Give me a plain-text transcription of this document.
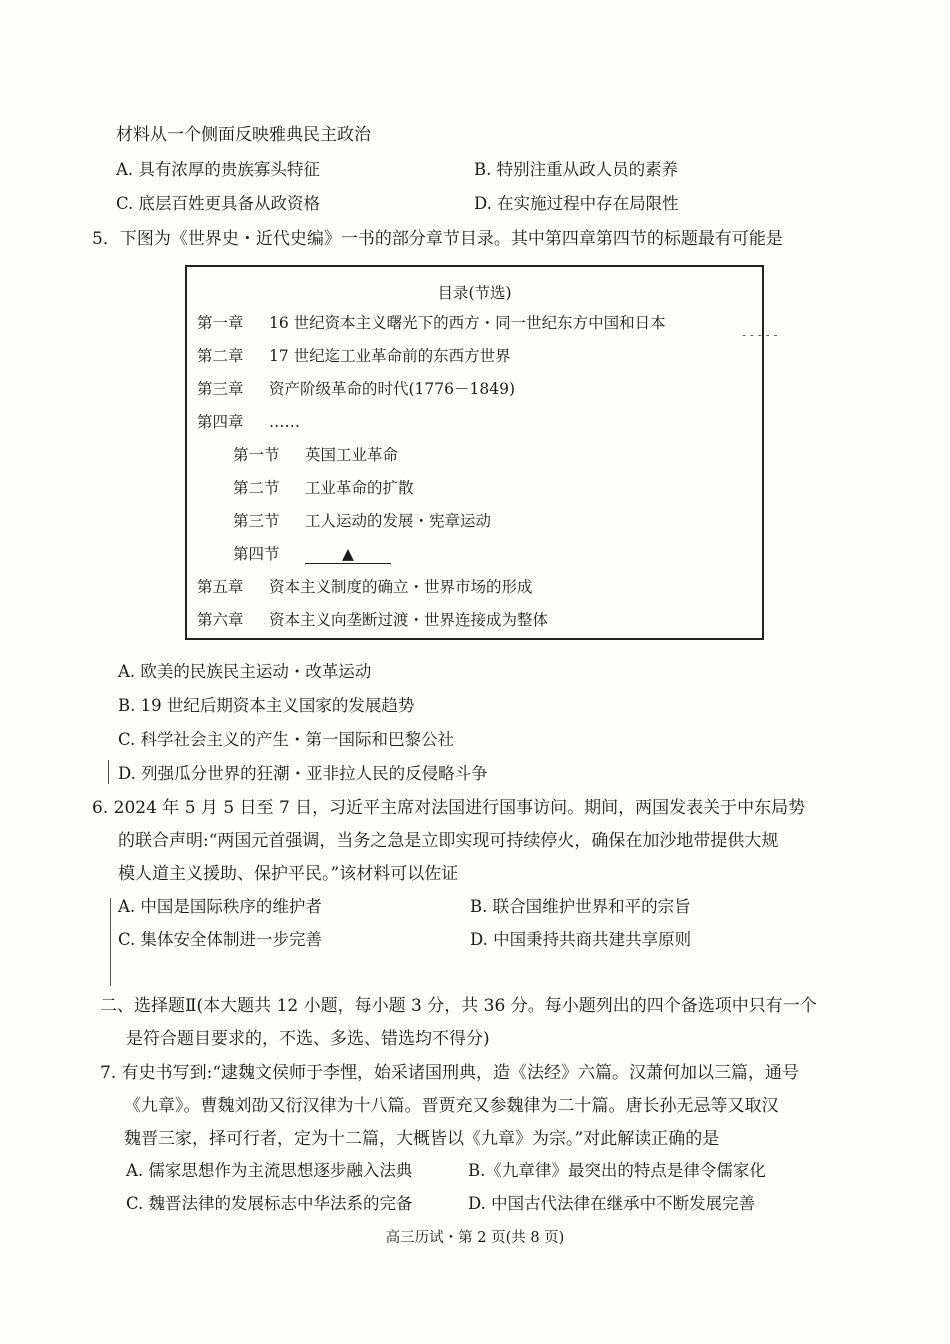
材料从一个侧面反映雅典民主政治
A. 具有浓厚的贵族寡头特征	B. 特别注重从政人员的素养
C. 底层百姓更具备从政资格	D. 在实施过程中存在局限性
5．下图为《世界史・近代史编》一书的部分章节目录。其中第四章第四节的标题最有可能是
目录(节选)
第一章 16 世纪资本主义曙光下的西方・同一世纪东方中国和日本
第二章 17 世纪迄工业革命前的东西方世界
第三章 资产阶级革命的时代(1776－1849)
第四章 ……
第一节 英国工业革命
第二节 工业革命的扩散
第三节 工人运动的发展・宪章运动
第四节	▲
第五章 资本主义制度的确立・世界市场的形成
第六章 资本主义向垄断过渡・世界连接成为整体
- - - - -
A. 欧美的民族民主运动・改革运动
B. 19 世纪后期资本主义国家的发展趋势
C. 科学社会主义的产生・第一国际和巴黎公社
D. 列强瓜分世界的狂潮・亚非拉人民的反侵略斗争
6. 2024 年 5 月 5 日至 7 日，习近平主席对法国进行国事访问。期间，两国发表关于中东局势
的联合声明:“两国元首强调，当务之急是立即实现可持续停火，确保在加沙地带提供大规
模人道主义援助、保护平民。”该材料可以佐证
A. 中国是国际秩序的维护者	B. 联合国维护世界和平的宗旨
C. 集体安全体制进一步完善	D. 中国秉持共商共建共享原则
二、选择题Ⅱ(本大题共 12 小题，每小题 3 分，共 36 分。每小题列出的四个备选项中只有一个
是符合题目要求的，不选、多选、错选均不得分)
7. 有史书写到:“逮魏文侯师于李悝，始采诸国刑典，造《法经》六篇。汉萧何加以三篇，通号
《九章》。曹魏刘劭又衍汉律为十八篇。晋贾充又参魏律为二十篇。唐长孙无忌等又取汉
魏晋三家，择可行者，定为十二篇，大概皆以《九章》为宗。”对此解读正确的是
A. 儒家思想作为主流思想逐步融入法典	B.《九章律》最突出的特点是律令儒家化
C. 魏晋法律的发展标志中华法系的完备	D. 中国古代法律在继承中不断发展完善
高三历试・第 2 页(共 8 页)
